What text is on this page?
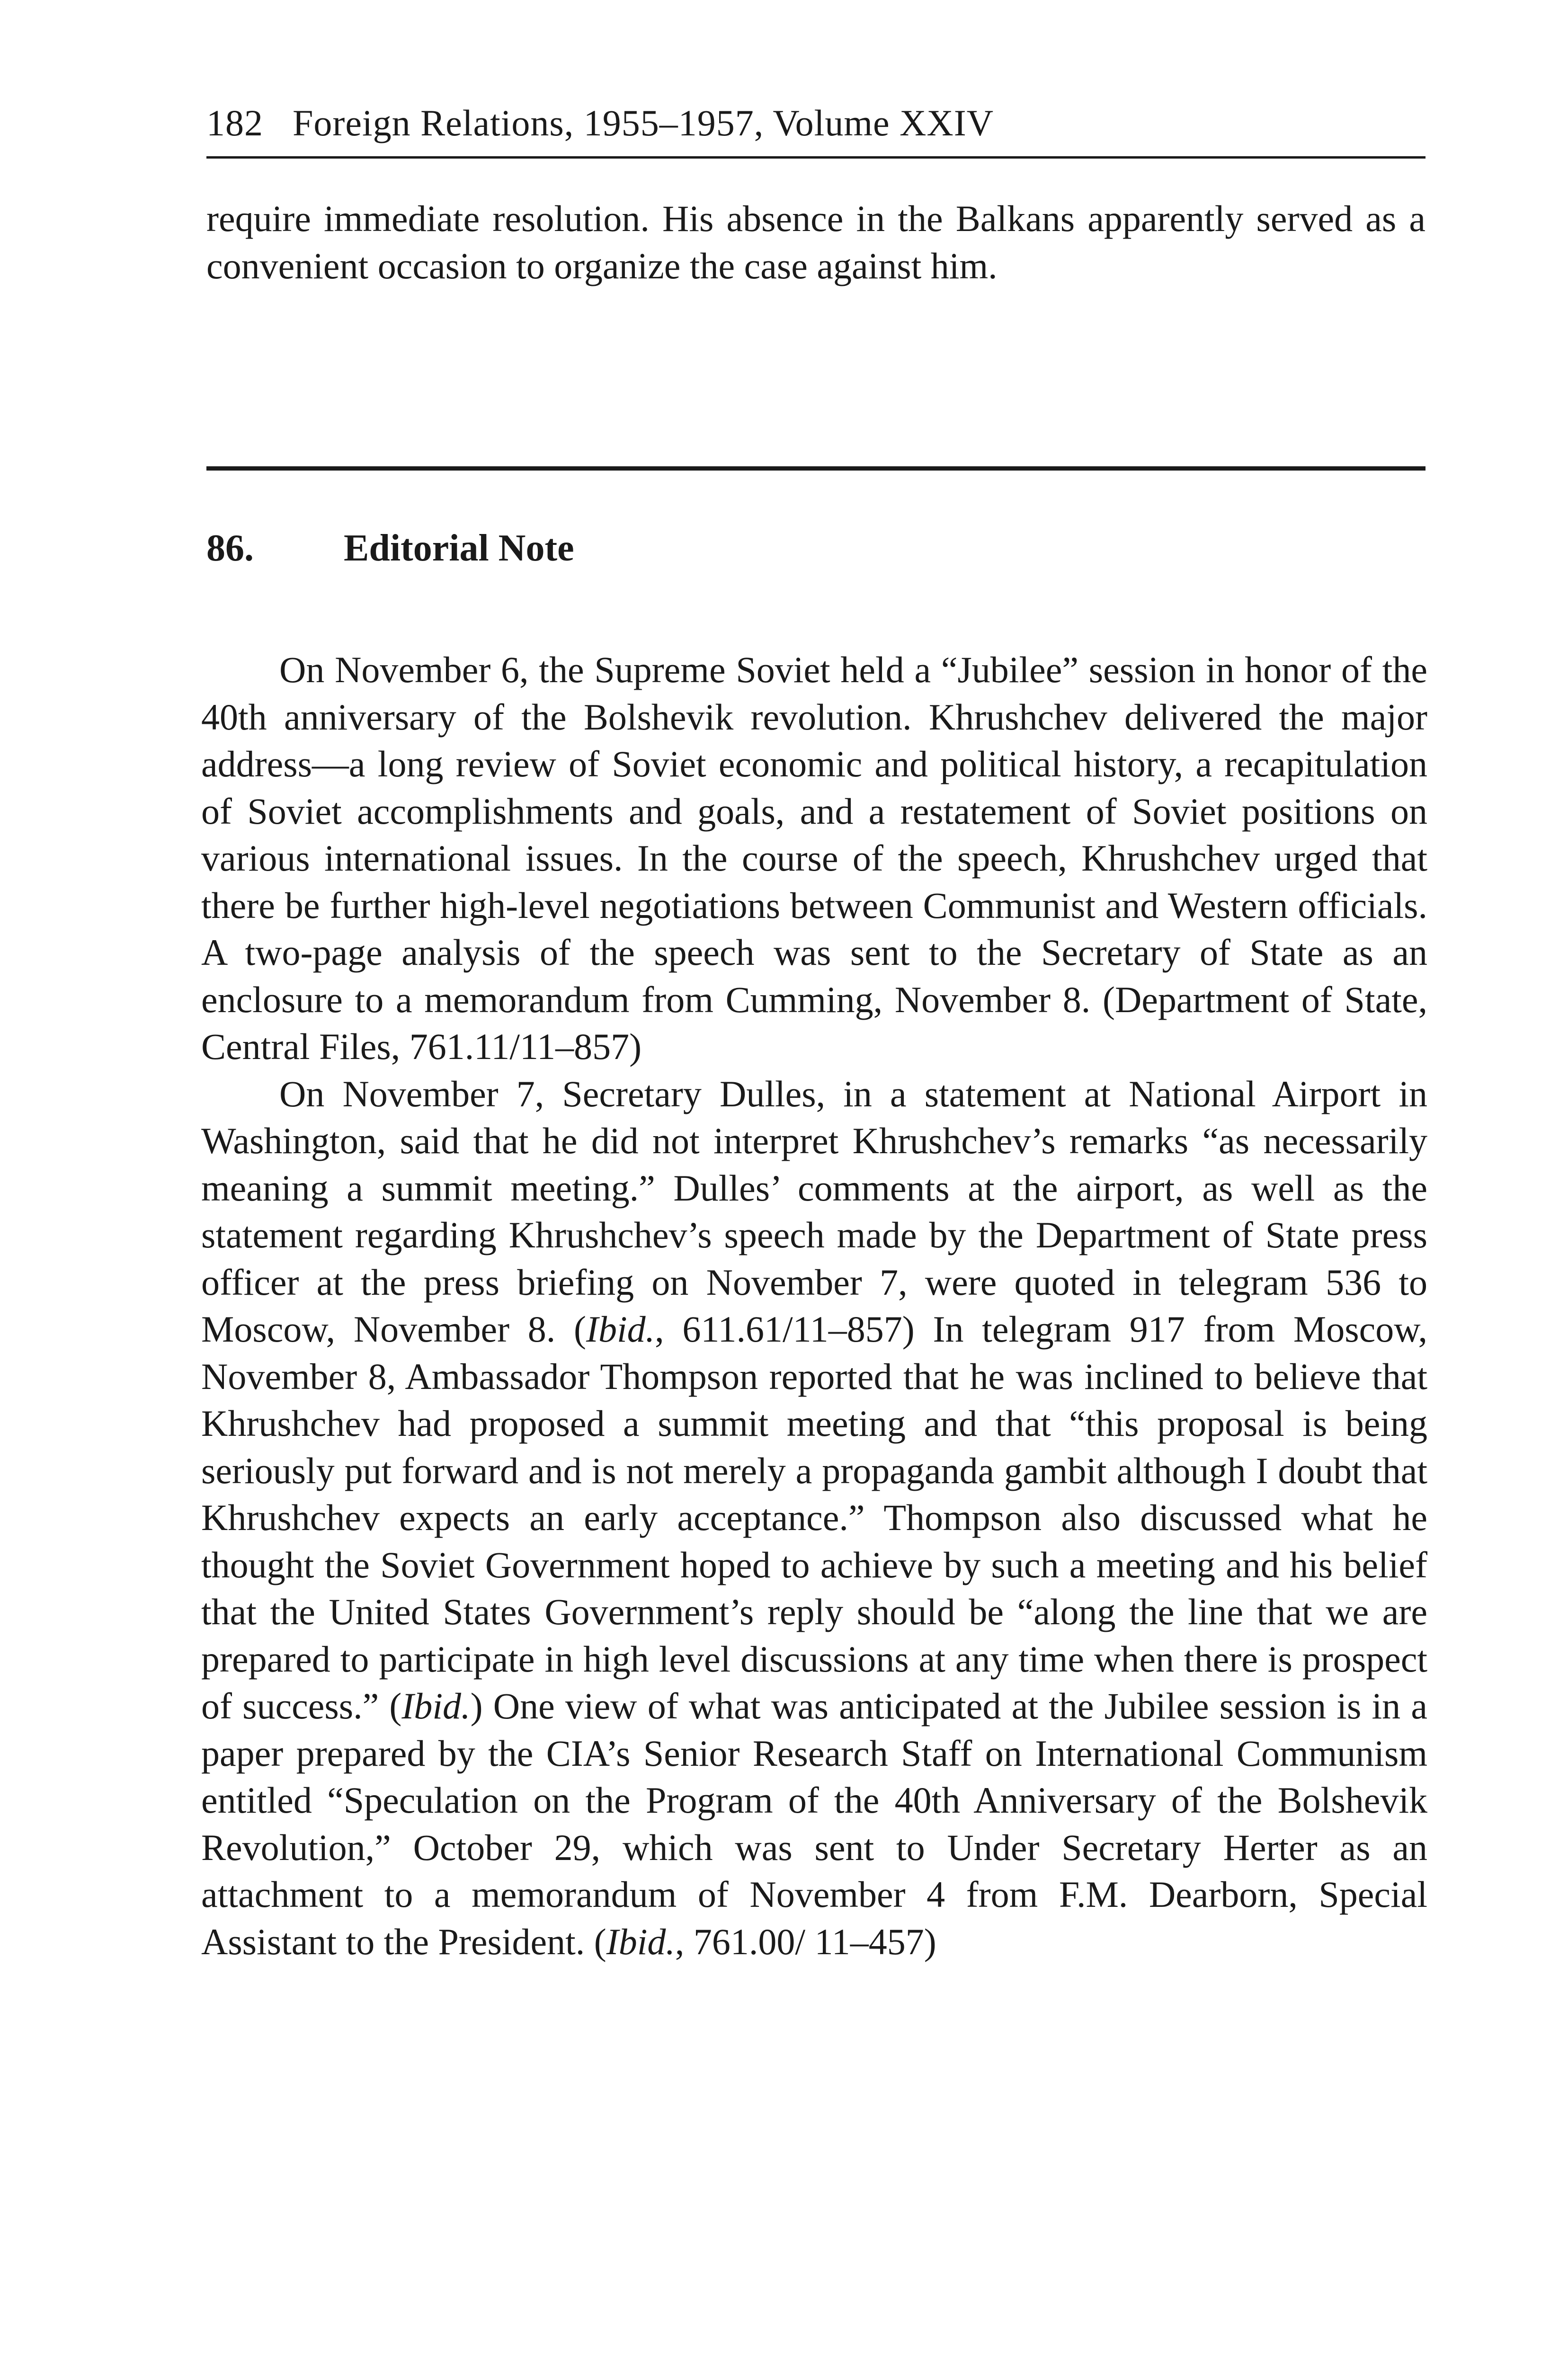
182 Foreign Relations, 1955–1957, Volume XXIV

require immediate resolution. His absence in the Balkans apparently served as a convenient occasion to organize the case against him.

86. Editorial Note

On November 6, the Supreme Soviet held a “Jubilee” session in honor of the 40th anniversary of the Bolshevik revolution. Khrushchev delivered the major address—a long review of Soviet economic and political history, a recapitulation of Soviet accomplishments and goals, and a restatement of Soviet positions on various international issues. In the course of the speech, Khrushchev urged that there be further high-level negotiations between Communist and Western officials. A two-page analysis of the speech was sent to the Secretary of State as an enclosure to a memorandum from Cumming, November 8. (Department of State, Central Files, 761.11/11–857)

On November 7, Secretary Dulles, in a statement at National Airport in Washington, said that he did not interpret Khrushchev’s remarks “as necessarily meaning a summit meeting.” Dulles’ comments at the airport, as well as the statement regarding Khrushchev’s speech made by the Department of State press officer at the press briefing on November 7, were quoted in telegram 536 to Moscow, November 8. (Ibid., 611.61/11–857) In telegram 917 from Moscow, November 8, Ambassador Thompson reported that he was inclined to believe that Khrushchev had proposed a summit meeting and that “this proposal is being seriously put forward and is not merely a propaganda gambit although I doubt that Khrushchev expects an early acceptance.” Thompson also discussed what he thought the Soviet Government hoped to achieve by such a meeting and his belief that the United States Government’s reply should be “along the line that we are prepared to participate in high level discussions at any time when there is prospect of success.” (Ibid.) One view of what was anticipated at the Jubilee session is in a paper prepared by the CIA’s Senior Research Staff on International Communism entitled “Speculation on the Program of the 40th Anniversary of the Bolshevik Revolution,” October 29, which was sent to Under Secretary Herter as an attachment to a memorandum of November 4 from F.M. Dearborn, Special Assistant to the President. (Ibid., 761.00/ 11–457)
